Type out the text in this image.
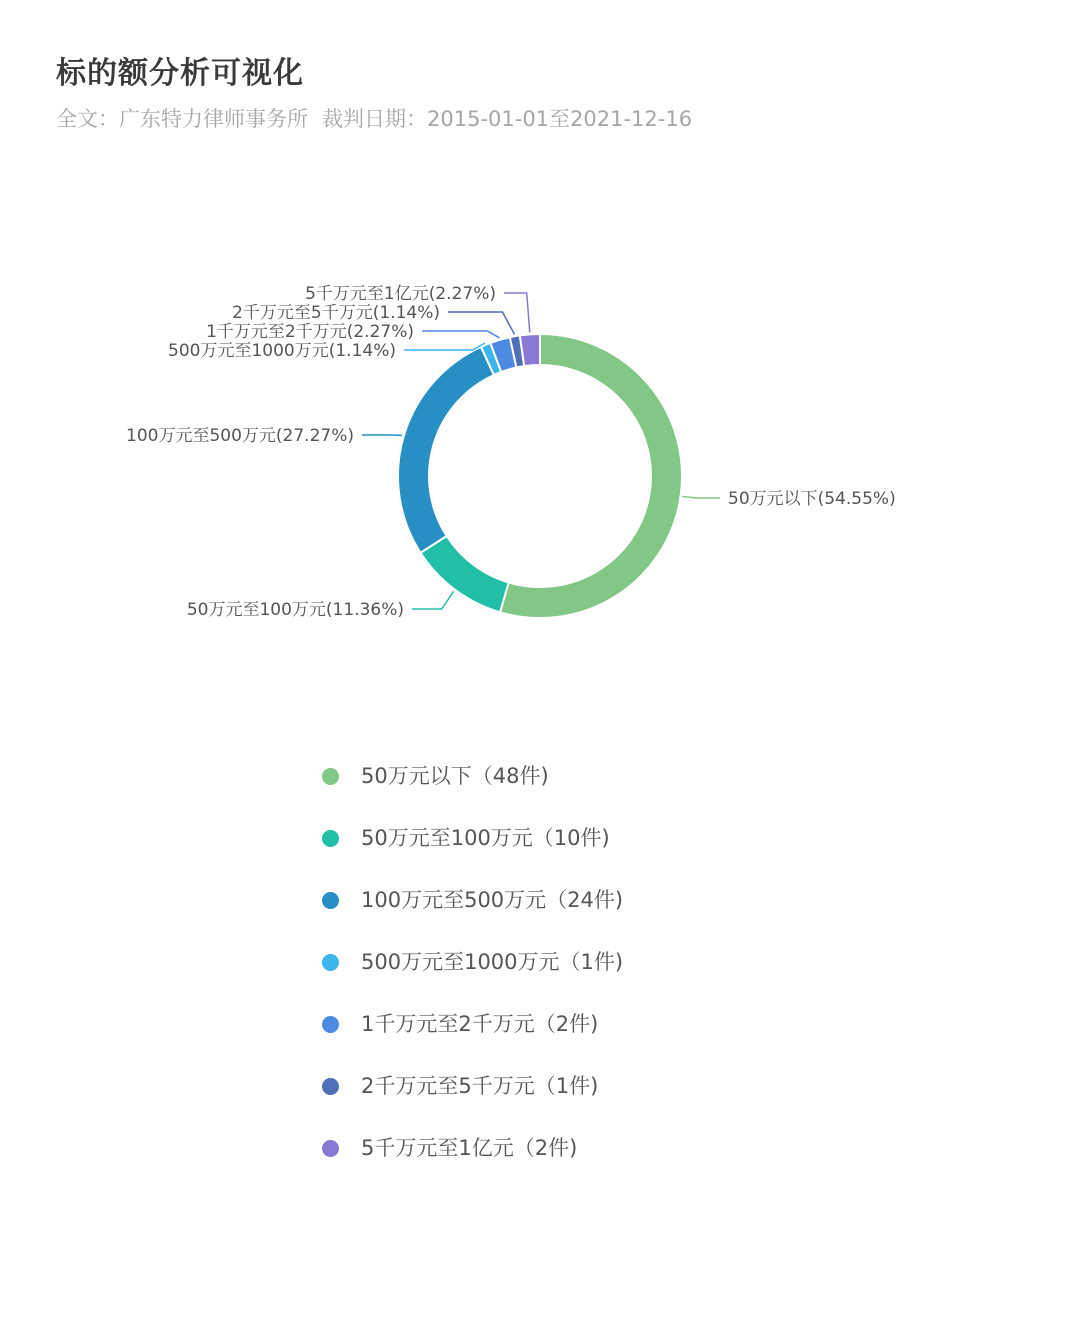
标的额分析可视化
全文：广东特力律师事务所 裁判日期：2015-01-01至2021-12-16
50万元以下(54.55%)
50万元至100万元(11.36%)
100万元至500万元(27.27%)
500万元至1000万元(1.14%)
1千万元至2千万元(2.27%)
2千万元至5千万元(1.14%)
5千万元至1亿元(2.27%)
50万元以下（48件)
50万元至100万元（10件)
100万元至500万元（24件)
500万元至1000万元（1件)
1千万元至2千万元（2件)
2千万元至5千万元（1件)
5千万元至1亿元（2件)
